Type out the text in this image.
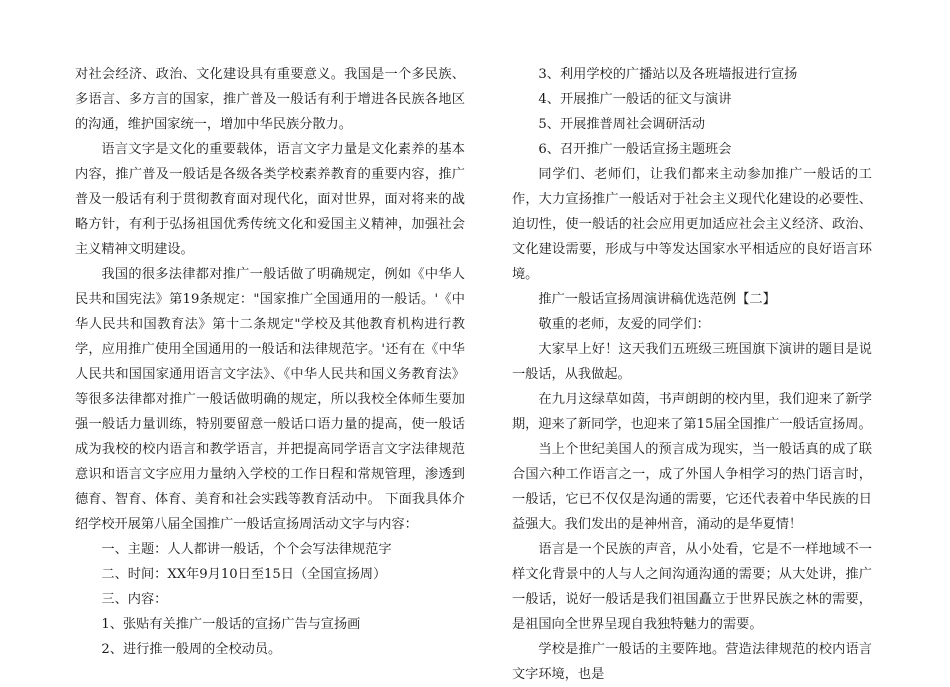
对社会经济、政治、文化建设具有重要意义。我国是一个多民族、多语言、多方言的国家，推广普及一般话有利于增进各民族各地区的沟通，维护国家统一，增加中华民族分散力。

语言文字是文化的重要载体，语言文字力量是文化素养的基本内容，推广普及一般话是各级各类学校素养教育的重要内容，推广普及一般话有利于贯彻教育面对现代化，面对世界，面对将来的战略方针，有利于弘扬祖国优秀传统文化和爱国主义精神，加强社会主义精神文明建设。

我国的很多法律都对推广一般话做了明确规定，例如《中华人民共和国宪法》第19条规定："国家推广全国通用的一般话。'《中华人民共和国教育法》第十二条规定"学校及其他教育机构进行教学，应用推广使用全国通用的一般话和法律规范字。'还有在《中华人民共和国国家通用语言文字法》、《中华人民共和国义务教育法》等很多法律都对推广一般话做明确的规定，所以我校全体师生要加强一般话力量训练，特别要留意一般话口语力量的提高，使一般话成为我校的校内语言和教学语言，并把提高同学语言文字法律规范意识和语言文字应用力量纳入学校的工作日程和常规管理，渗透到德育、智育、体育、美育和社会实践等教育活动中。 下面我具体介绍学校开展第八届全国推广一般话宣扬周活动文字与内容：

一、主题：人人都讲一般话，个个会写法律规范字

二、时间：XX年9月10日至15日（全国宣扬周）

三、内容：

1、张贴有关推广一般话的宣扬广告与宣扬画

2、进行推一般周的全校动员。

3、利用学校的广播站以及各班墙报进行宣扬

4、开展推广一般话的征文与演讲

5、开展推普周社会调研活动

6、召开推广一般话宣扬主题班会

同学们、老师们，让我们都来主动参加推广一般话的工作，大力宣扬推广一般话对于社会主义现代化建设的必要性、迫切性，使一般话的社会应用更加适应社会主义经济、政治、文化建设需要，形成与中等发达国家水平相适应的良好语言环境。

推广一般话宣扬周演讲稿优选范例【二】

敬重的老师，友爱的同学们：

大家早上好！这天我们五班级三班国旗下演讲的题目是说一般话，从我做起。

在九月这绿草如茵，书声朗朗的校内里，我们迎来了新学期，迎来了新同学，也迎来了第15届全国推广一般话宣扬周。

当上个世纪美国人的预言成为现实，当一般话真的成了联合国六种工作语言之一，成了外国人争相学习的热门语言时，一般话，它已不仅仅是沟通的需要，它还代表着中华民族的日益强大。我们发出的是神州音，涌动的是华夏情！

语言是一个民族的声音，从小处看，它是不一样地域不一样文化背景中的人与人之间沟通沟通的需要；从大处讲，推广一般话，说好一般话是我们祖国矗立于世界民族之林的需要，是祖国向全世界呈现自我独特魅力的需要。

学校是推广一般话的主要阵地。营造法律规范的校内语言文字环境，也是
